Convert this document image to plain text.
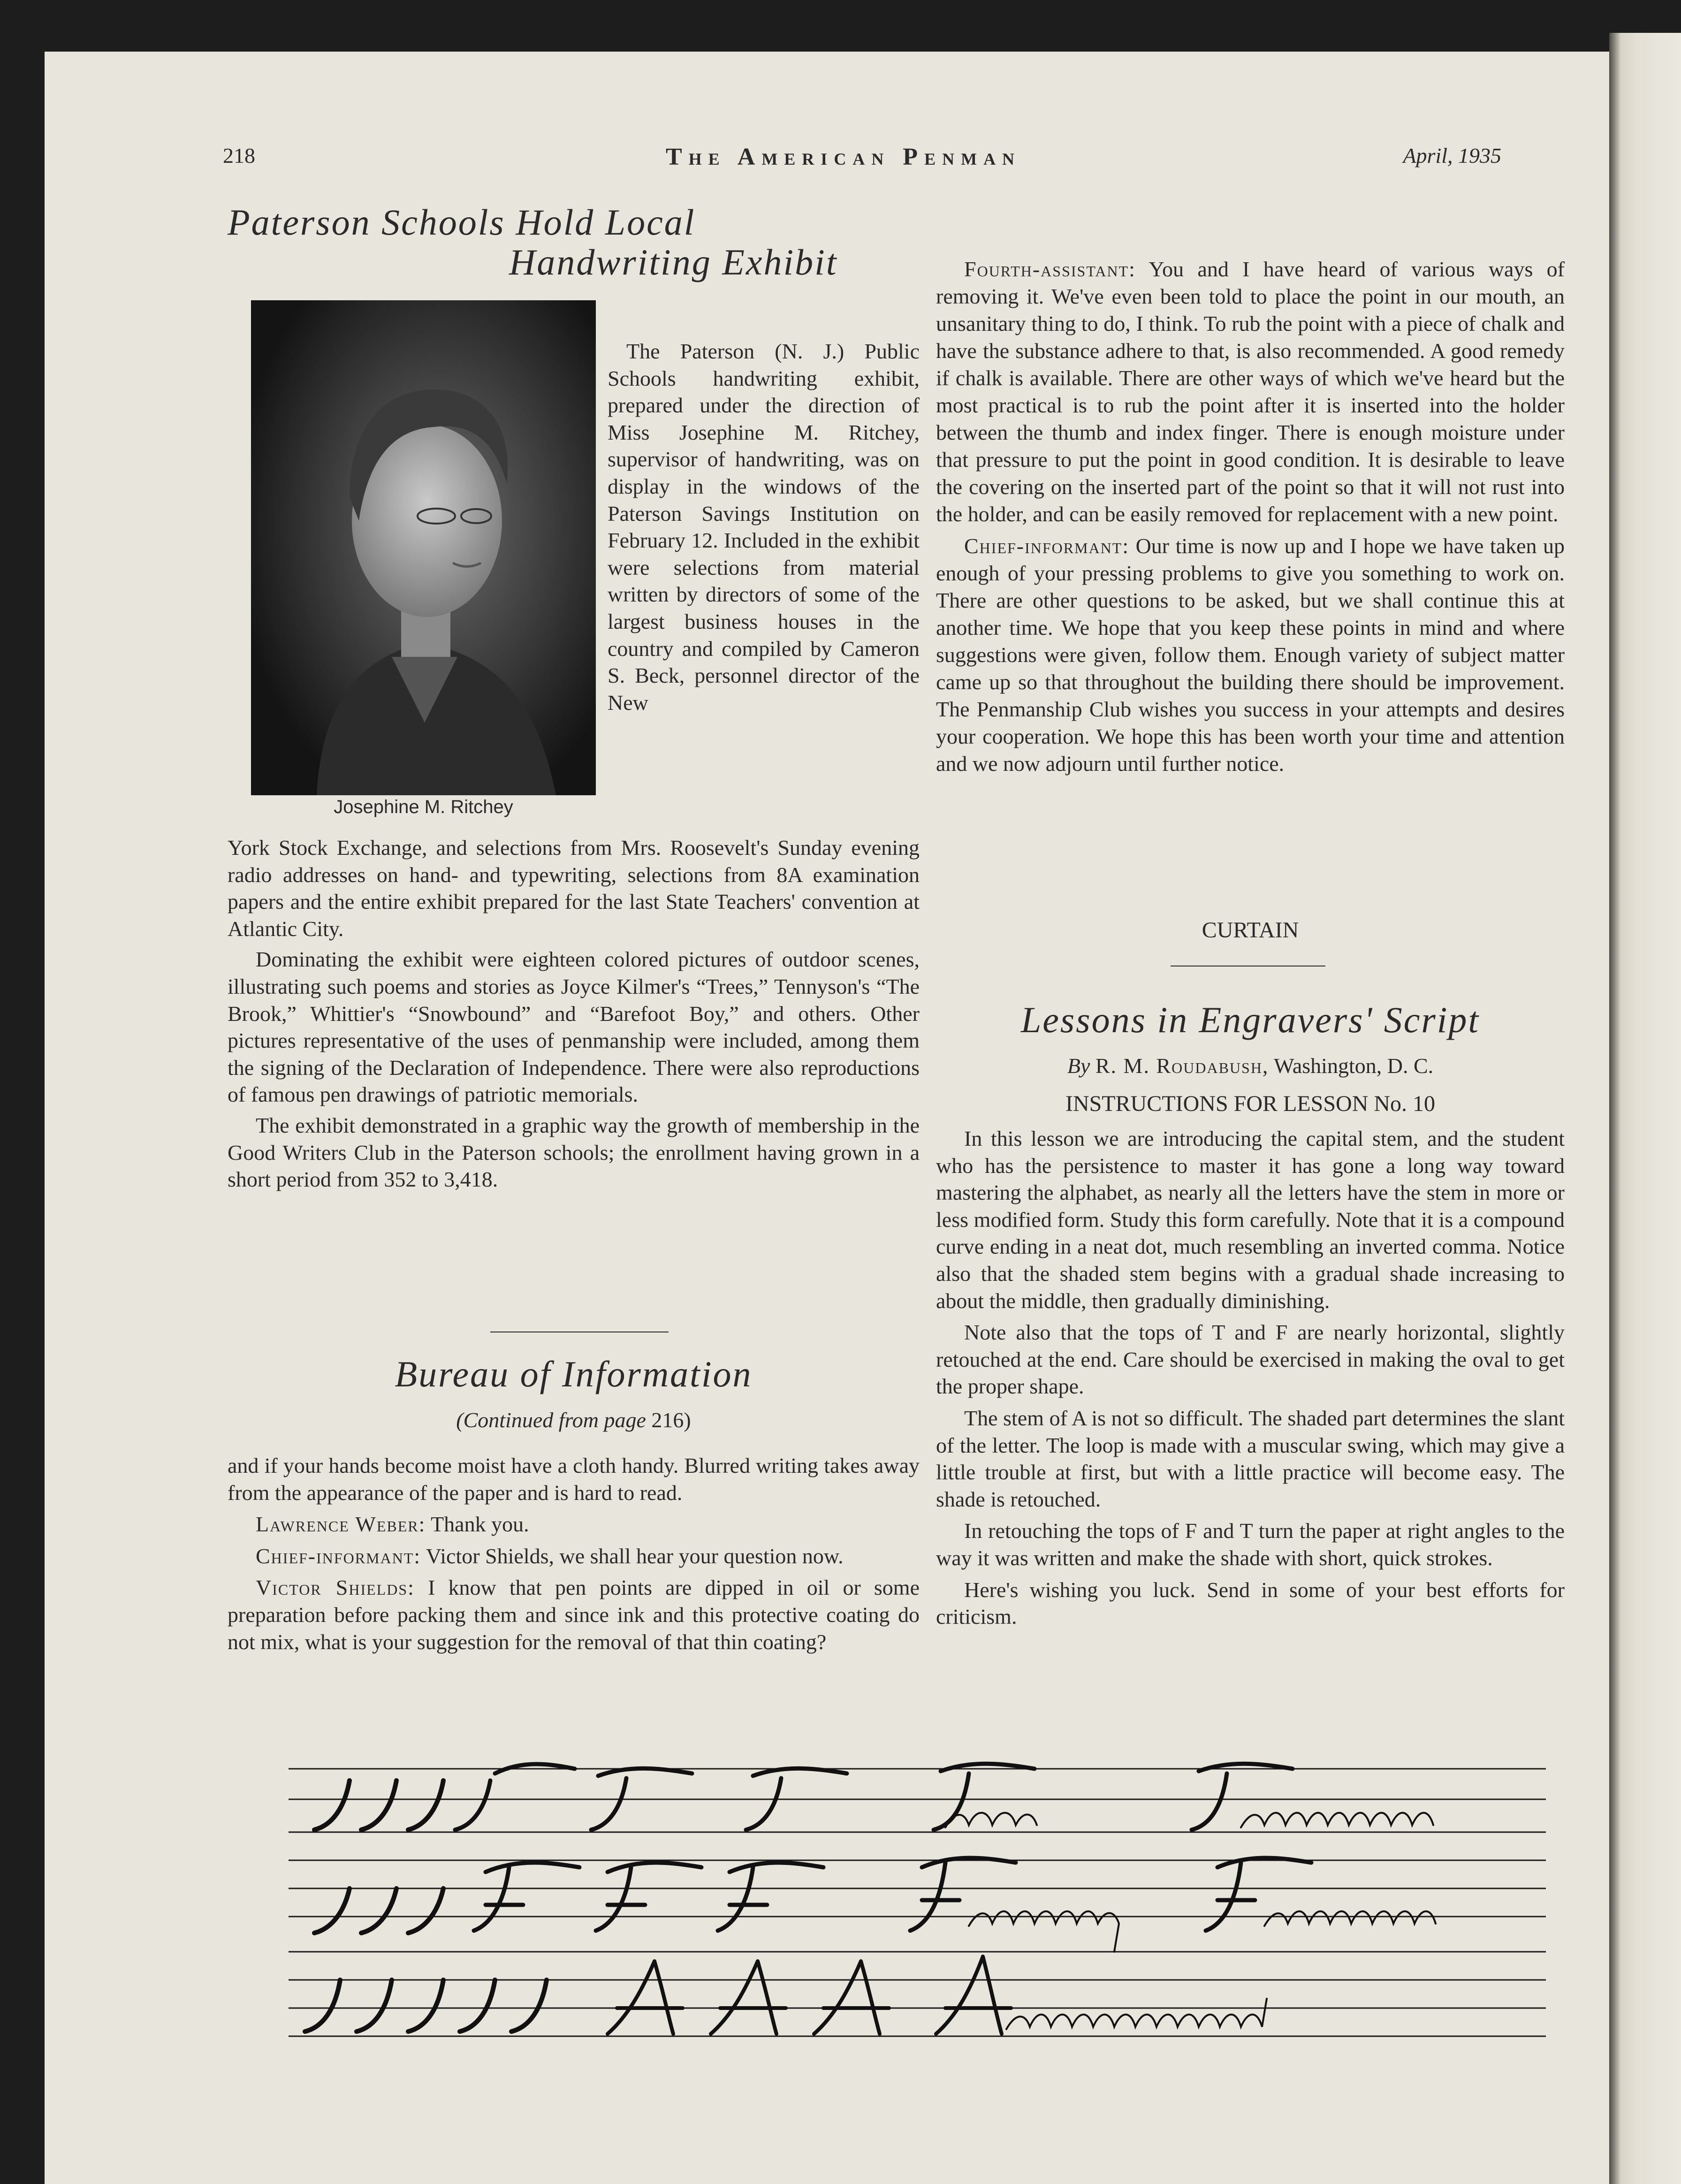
218	The American Penman	April, 1935
Paterson Schools Hold Local
Handwriting Exhibit
Josephine M. Ritchey
The Paterson (N. J.) Public Schools handwriting exhibit, prepared under the direction of Miss Josephine M. Ritchey, supervisor of handwriting, was on display in the windows of the Paterson Savings Institution on February 12. Included in the exhibit were selections from material written by directors of some of the largest business houses in the country and compiled by Cameron S. Beck, personnel director of the New

York Stock Exchange, and selections from Mrs. Roosevelt's Sunday evening radio addresses on hand- and typewriting, selections from 8A examination papers and the entire exhibit prepared for the last State Teachers' convention at Atlantic City.

Dominating the exhibit were eighteen colored pictures of outdoor scenes, illustrating such poems and stories as Joyce Kilmer's “Trees,” Tennyson's “The Brook,” Whittier's “Snowbound” and “Barefoot Boy,” and others. Other pictures representative of the uses of penmanship were included, among them the signing of the Declaration of Independence. There were also reproductions of famous pen drawings of patriotic memorials.

The exhibit demonstrated in a graphic way the growth of membership in the Good Writers Club in the Paterson schools; the enrollment having grown in a short period from 352 to 3,418.

Bureau of Information
(Continued from page 216)

and if your hands become moist have a cloth handy. Blurred writing takes away from the appearance of the paper and is hard to read.

Lawrence Weber: Thank you.

Chief-informant: Victor Shields, we shall hear your question now.

Victor Shields: I know that pen points are dipped in oil or some preparation before packing them and since ink and this protective coating do not mix, what is your suggestion for the removal of that thin coating?

Fourth-assistant: You and I have heard of various ways of removing it. We've even been told to place the point in our mouth, an unsanitary thing to do, I think. To rub the point with a piece of chalk and have the substance adhere to that, is also recommended. A good remedy if chalk is available. There are other ways of which we've heard but the most practical is to rub the point after it is inserted into the holder between the thumb and index finger. There is enough moisture under that pressure to put the point in good condition. It is desirable to leave the covering on the inserted part of the point so that it will not rust into the holder, and can be easily removed for replacement with a new point.

Chief-informant: Our time is now up and I hope we have taken up enough of your pressing problems to give you something to work on. There are other questions to be asked, but we shall continue this at another time. We hope that you keep these points in mind and where suggestions were given, follow them. Enough variety of subject matter came up so that throughout the building there should be improvement. The Penmanship Club wishes you success in your attempts and desires your cooperation. We hope this has been worth your time and attention and we now adjourn until further notice.

CURTAIN
Lessons in Engravers' Script
By R. M. Roudabush, Washington, D. C.
INSTRUCTIONS FOR LESSON No. 10

In this lesson we are introducing the capital stem, and the student who has the persistence to master it has gone a long way toward mastering the alphabet, as nearly all the letters have the stem in more or less modified form. Study this form carefully. Note that it is a compound curve ending in a neat dot, much resembling an inverted comma. Notice also that the shaded stem begins with a gradual shade increasing to about the middle, then gradually diminishing.

Note also that the tops of T and F are nearly horizontal, slightly retouched at the end. Care should be exercised in making the oval to get the proper shape.

The stem of A is not so difficult. The shaded part determines the slant of the letter. The loop is made with a muscular swing, which may give a little trouble at first, but with a little practice will become easy. The shade is retouched.

In retouching the tops of F and T turn the paper at right angles to the way it was written and make the shade with short, quick strokes.

Here's wishing you luck. Send in some of your best efforts for criticism.
